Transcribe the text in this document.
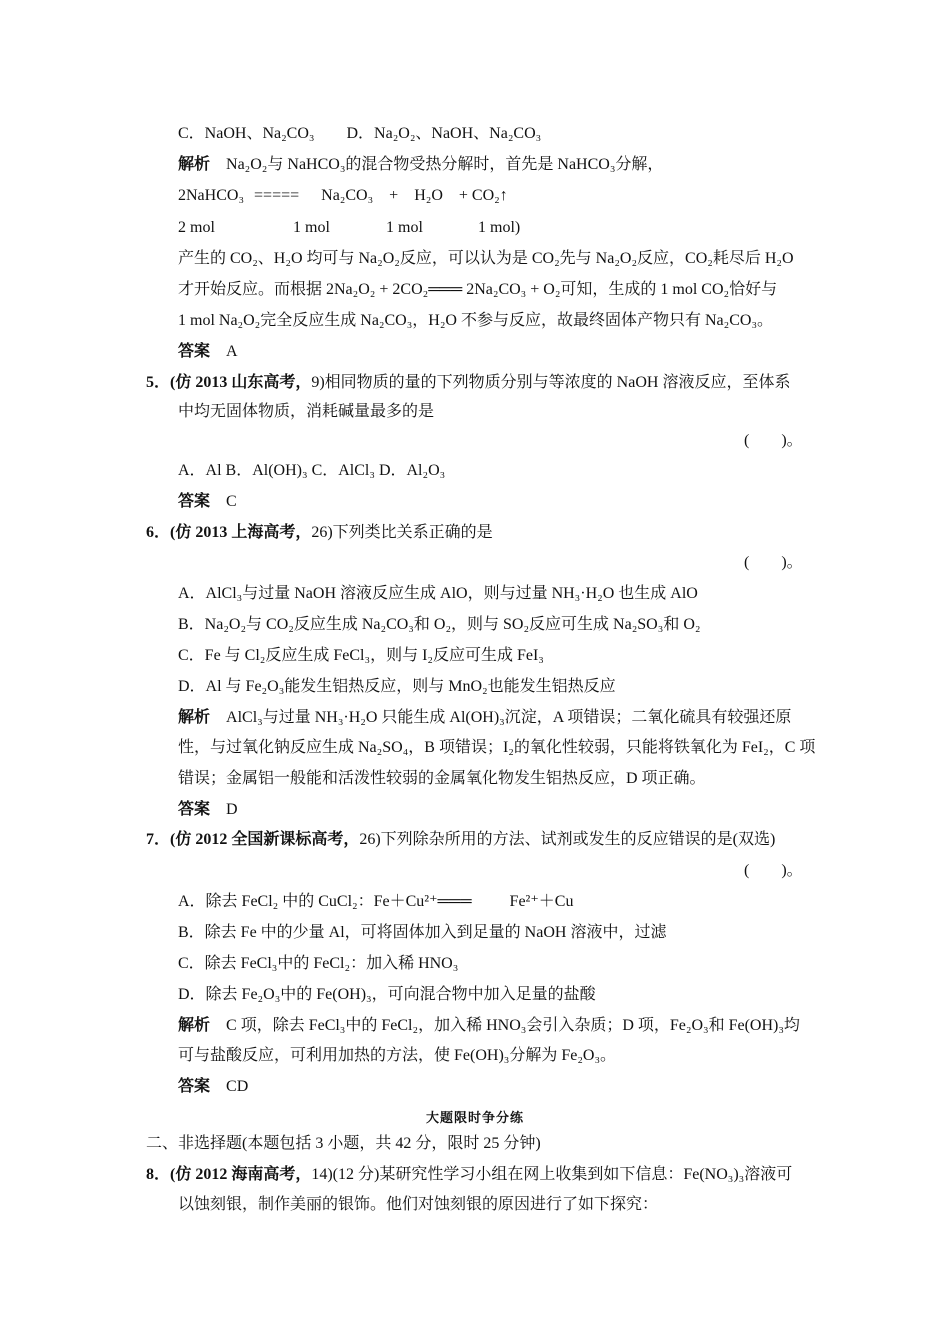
C．NaOH、Na₂CO₃　　D．Na₂O₂、NaOH、Na₂CO₃
解析 Na₂O₂与 NaHCO₃的混合物受热分解时，首先是 NaHCO₃分解，
2NaHCO₃ ===== Na₂CO₃　+　H₂O　+ CO₂↑
2 mol	1 mol	1 mol	1 mol)
产生的 CO₂、H₂O 均可与 Na₂O₂反应，可以认为是 CO₂先与 Na₂O₂反应，CO₂耗尽后 H₂O
才开始反应。而根据 2Na₂O₂ + 2CO₂═══ 2Na₂CO₃ + O₂可知，生成的 1 mol CO₂恰好与
1 mol Na₂O₂完全反应生成 Na₂CO₃，H₂O 不参与反应，故最终固体产物只有 Na₂CO₃。
答案 A
5．(仿 2013 山东高考，9)相同物质的量的下列物质分别与等浓度的 NaOH 溶液反应，至体系
中均无固体物质，消耗碱量最多的是
(　　)。
A．Al B．Al(OH)₃ C．AlCl₃ D．Al₂O₃
答案 C
6．(仿 2013 上海高考，26)下列类比关系正确的是
(　　)。
A．AlCl₃与过量 NaOH 溶液反应生成 AlO，则与过量 NH₃·H₂O 也生成 AlO
B．Na₂O₂与 CO₂反应生成 Na₂CO₃和 O₂，则与 SO₂反应可生成 Na₂SO₃和 O₂
C．Fe 与 Cl₂反应生成 FeCl₃，则与 I₂反应可生成 FeI₃
D．Al 与 Fe₂O₃能发生铝热反应，则与 MnO₂也能发生铝热反应
解析 AlCl₃与过量 NH₃·H₂O 只能生成 Al(OH)₃沉淀，A 项错误；二氧化硫具有较强还原
性，与过氧化钠反应生成 Na₂SO₄，B 项错误；I₂的氧化性较弱，只能将铁氧化为 FeI₂，C 项
错误；金属铝一般能和活泼性较弱的金属氧化物发生铝热反应，D 项正确。
答案 D
7．(仿 2012 全国新课标高考，26)下列除杂所用的方法、试剂或发生的反应错误的是(双选)
(　　)。
A．除去 FeCl₂ 中的 CuCl₂：Fe＋Cu²⁺═══ Fe²⁺＋Cu
B．除去 Fe 中的少量 Al，可将固体加入到足量的 NaOH 溶液中，过滤
C．除去 FeCl₃中的 FeCl₂：加入稀 HNO₃
D．除去 Fe₂O₃中的 Fe(OH)₃，可向混合物中加入足量的盐酸
解析 C 项，除去 FeCl₃中的 FeCl₂，加入稀 HNO₃会引入杂质；D 项，Fe₂O₃和 Fe(OH)₃均
可与盐酸反应，可利用加热的方法，使 Fe(OH)₃分解为 Fe₂O₃。
答案 CD
大题限时争分练
二、非选择题(本题包括 3 小题，共 42 分，限时 25 分钟)
8．(仿 2012 海南高考，14)(12 分)某研究性学习小组在网上收集到如下信息：Fe(NO₃)₃溶液可
以蚀刻银，制作美丽的银饰。他们对蚀刻银的原因进行了如下探究：
